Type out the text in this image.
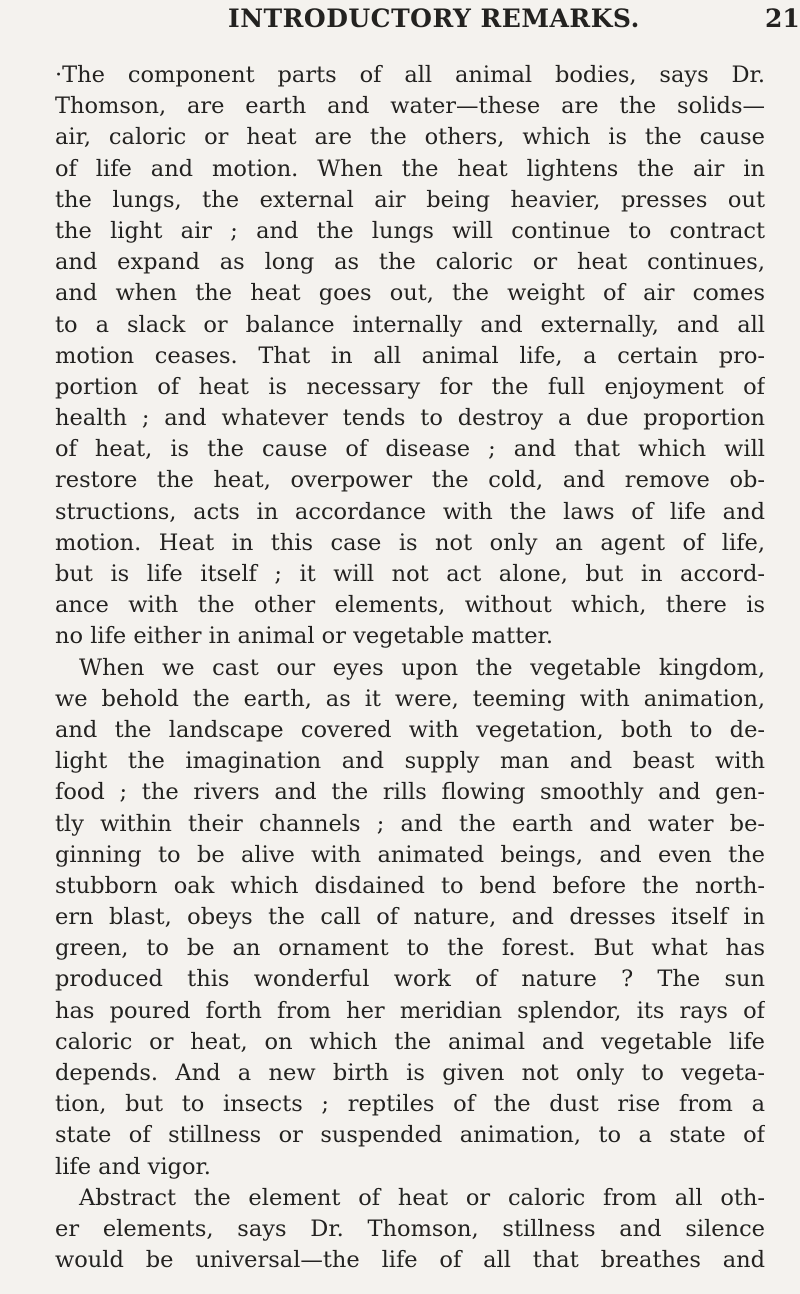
INTRODUCTORY REMARKS.	21
·The component parts of all animal bodies, says Dr.
Thomson, are earth and water—these are the solids—
air, caloric or heat are the others, which is the cause
of life and motion. When the heat lightens the air in
the lungs, the external air being heavier, presses out
the light air ; and the lungs will continue to contract
and expand as long as the caloric or heat continues,
and when the heat goes out, the weight of air comes
to a slack or balance internally and externally, and all
motion ceases. That in all animal life, a certain pro-
portion of heat is necessary for the full enjoyment of
health ; and whatever tends to destroy a due proportion
of heat, is the cause of disease ; and that which will
restore the heat, overpower the cold, and remove ob-
structions, acts in accordance with the laws of life and
motion. Heat in this case is not only an agent of life,
but is life itself ; it will not act alone, but in accord-
ance with the other elements, without which, there is
no life either in animal or vegetable matter.
When we cast our eyes upon the vegetable kingdom,
we behold the earth, as it were, teeming with animation,
and the landscape covered with vegetation, both to de-
light the imagination and supply man and beast with
food ; the rivers and the rills flowing smoothly and gen-
tly within their channels ; and the earth and water be-
ginning to be alive with animated beings, and even the
stubborn oak which disdained to bend before the north-
ern blast, obeys the call of nature, and dresses itself in
green, to be an ornament to the forest. But what has
produced this wonderful work of nature ? The sun
has poured forth from her meridian splendor, its rays of
caloric or heat, on which the animal and vegetable life
depends. And a new birth is given not only to vegeta-
tion, but to insects ; reptiles of the dust rise from a
state of stillness or suspended animation, to a state of
life and vigor.
Abstract the element of heat or caloric from all oth-
er elements, says Dr. Thomson, stillness and silence
would be universal—the life of all that breathes and
